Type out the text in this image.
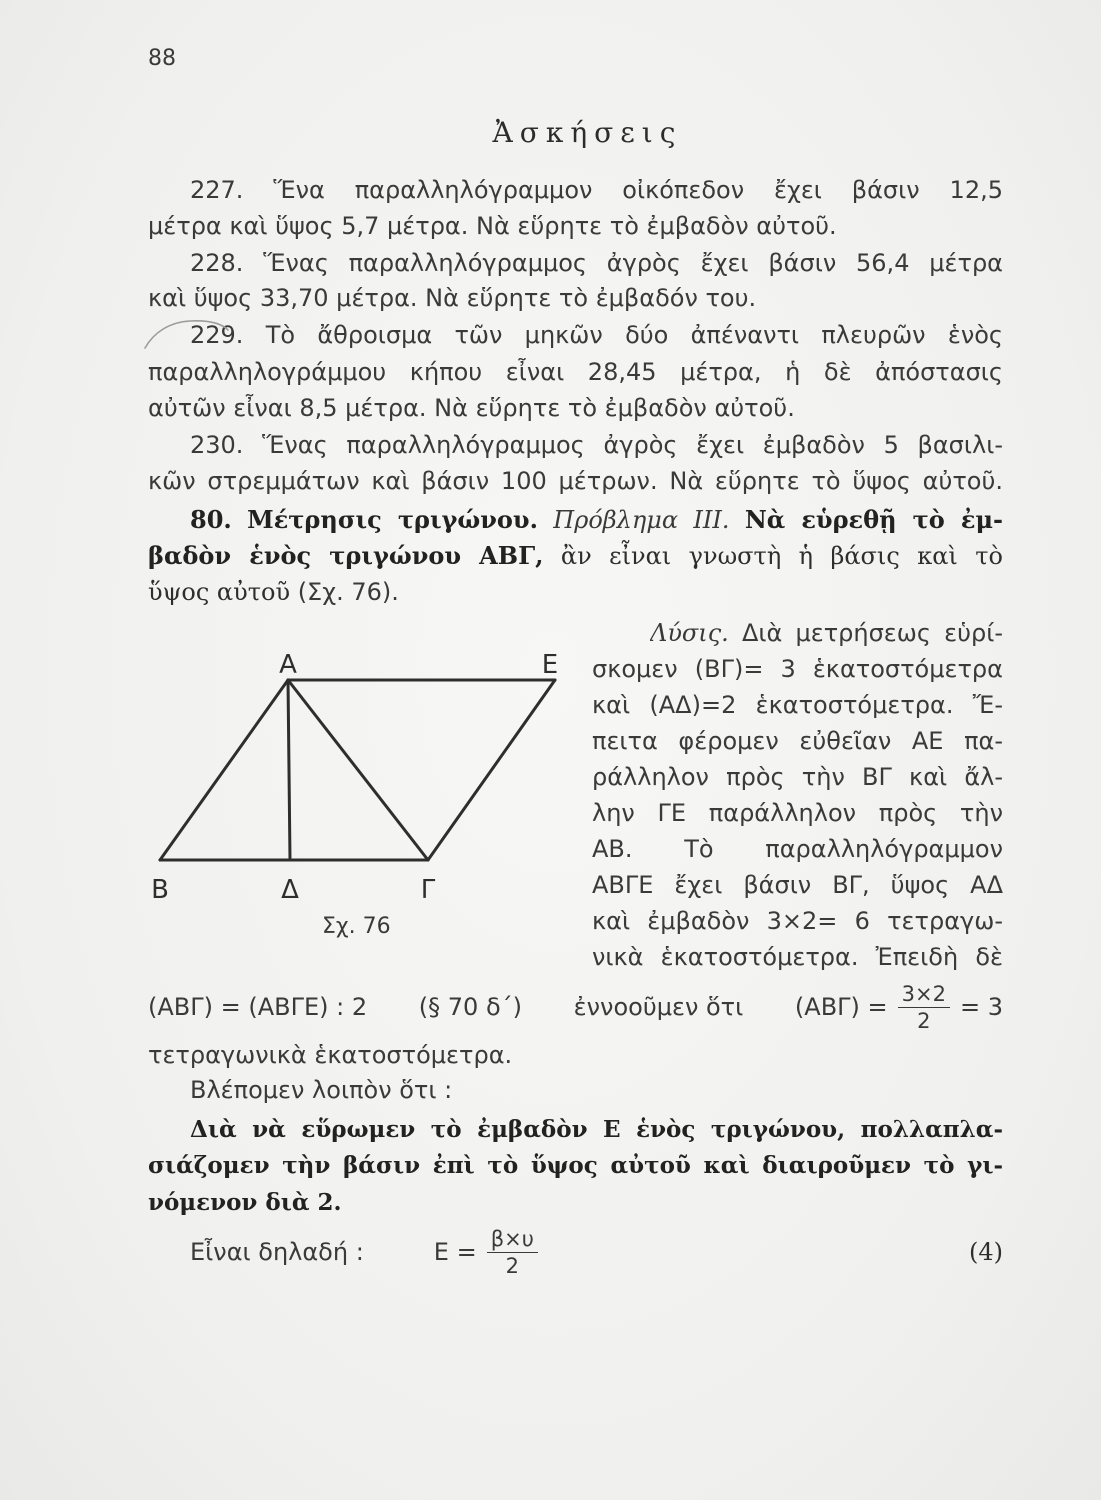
88
Ἀσκήσεις
227. Ἕνα παραλληλόγραμμον οἰκόπεδον ἔχει βάσιν 12,5
μέτρα καὶ ὕψος 5,7 μέτρα. Νὰ εὕρητε τὸ ἐμβαδὸν αὐτοῦ.
228. Ἕνας παραλληλόγραμμος ἀγρὸς ἔχει βάσιν 56,4 μέτρα
καὶ ὕψος 33,70 μέτρα. Νὰ εὕρητε τὸ ἐμβαδόν του.
229. Τὸ ἄθροισμα τῶν μηκῶν δύο ἀπέναντι πλευρῶν ἑνὸς
παραλληλογράμμου κήπου εἶναι 28,45 μέτρα, ἡ δὲ ἀπόστασις
αὐτῶν εἶναι 8,5 μέτρα. Νὰ εὕρητε τὸ ἐμβαδὸν αὐτοῦ.
230. Ἕνας παραλληλόγραμμος ἀγρὸς ἔχει ἐμβαδὸν 5 βασιλι-
κῶν στρεμμάτων καὶ βάσιν 100 μέτρων. Νὰ εὕρητε τὸ ὕψος αὐτοῦ.
80. Μέτρησις τριγώνου. Πρόβλημα III. Νὰ εὑρεθῇ τὸ ἐμ-
βαδὸν ἑνὸς τριγώνου ΑΒΓ, ἂν εἶναι γνωστὴ ἡ βάσις καὶ τὸ
ὕψος αὐτοῦ (Σχ. 76).
Α	Ε
Β	Δ	Γ
Σχ. 76
Λύσις. Διὰ μετρήσεως εὑρί-
σκομεν (ΒΓ)= 3 ἑκατοστόμετρα
καὶ (ΑΔ)=2 ἑκατοστόμετρα. Ἔ-
πειτα φέρομεν εὐθεῖαν ΑΕ πα-
ράλληλον πρὸς τὴν ΒΓ καὶ ἄλ-
λην ΓΕ παράλληλον πρὸς τὴν
ΑΒ. Τὸ παραλληλόγραμμον
ΑΒΓΕ ἔχει βάσιν ΒΓ, ὕψος ΑΔ
καὶ ἐμβαδὸν 3×2= 6 τετραγω-
νικὰ ἑκατοστόμετρα. Ἐπειδὴ δὲ
(ΑΒΓ) = (ΑΒΓΕ) : 2 (§ 70 δ΄) ἐννοοῦμεν ὅτι $(AB\Gamma) = \frac{3\times 2}{2} = 3$
τετραγωνικὰ ἑκατοστόμετρα.
Βλέπομεν λοιπὸν ὅτι :
Διὰ νὰ εὕρωμεν τὸ ἐμβαδὸν Ε ἑνὸς τριγώνου, πολλαπλα-
σιάζομεν τὴν βάσιν ἐπὶ τὸ ὕψος αὐτοῦ καὶ διαιροῦμεν τὸ γι-
νόμενον διὰ 2.
Εἶναι δηλαδή :	$E = \frac{\beta\times\upsilon}{2}$	(4)
